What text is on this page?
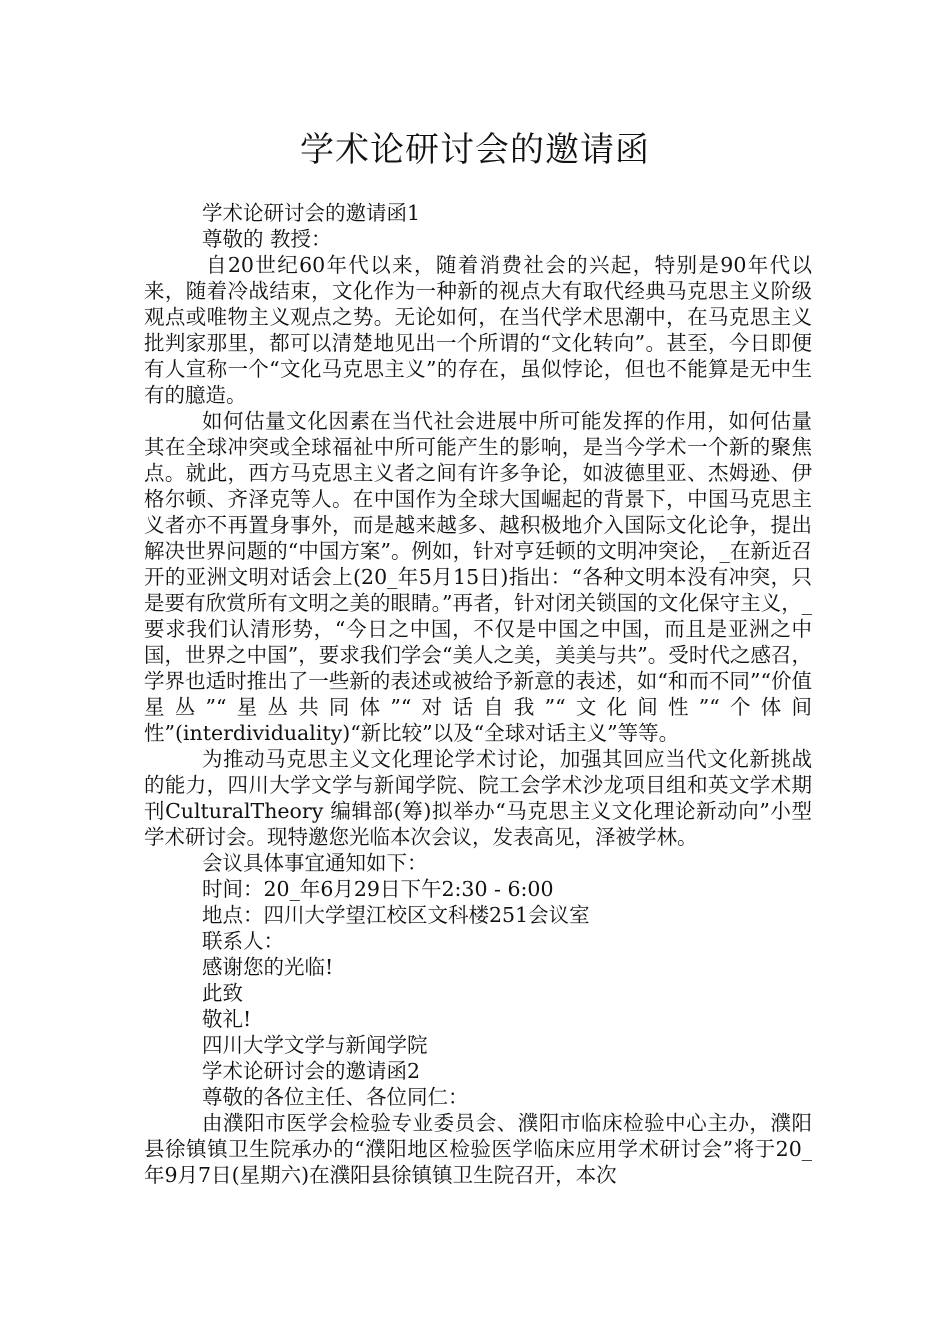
学术论研讨会的邀请函

学术论研讨会的邀请函1

尊敬的 教授：

自20世纪60年代以来，随着消费社会的兴起，特别是90年代以来，随着冷战结束，文化作为一种新的视点大有取代经典马克思主义阶级观点或唯物主义观点之势。无论如何，在当代学术思潮中，在马克思主义批判家那里，都可以清楚地见出一个所谓的“文化转向”。甚至，今日即便有人宣称一个“文化马克思主义”的存在，虽似悖论，但也不能算是无中生有的臆造。

如何估量文化因素在当代社会进展中所可能发挥的作用，如何估量其在全球冲突或全球福祉中所可能产生的影响，是当今学术一个新的聚焦点。就此，西方马克思主义者之间有许多争论，如波德里亚、杰姆逊、伊格尔顿、齐泽克等人。在中国作为全球大国崛起的背景下，中国马克思主义者亦不再置身事外，而是越来越多、越积极地介入国际文化论争，提出解决世界问题的“中国方案”。例如，针对亨廷顿的文明冲突论，_在新近召开的亚洲文明对话会上(20_年5月15日)指出：“各种文明本没有冲突，只是要有欣赏所有文明之美的眼睛。”再者，针对闭关锁国的文化保守主义，_要求我们认清形势，“今日之中国，不仅是中国之中国，而且是亚洲之中国，世界之中国”，要求我们学会“美人之美，美美与共”。受时代之感召，学界也适时推出了一些新的表述或被给予新意的表述，如“和而不同”“价值星丛”“星丛共同体”“对话自我”“文化间性”“个体间性”(interdividuality)“新比较”以及“全球对话主义”等等。

为推动马克思主义文化理论学术讨论，加强其回应当代文化新挑战的能力，四川大学文学与新闻学院、院工会学术沙龙项目组和英文学术期刊CulturalTheory 编辑部(筹)拟举办“马克思主义文化理论新动向”小型学术研讨会。现特邀您光临本次会议，发表高见，泽被学林。

会议具体事宜通知如下：

时间：20_年6月29日下午2:30 - 6:00

地点：四川大学望江校区文科楼251会议室

联系人：

感谢您的光临!

此致

敬礼!

四川大学文学与新闻学院

学术论研讨会的邀请函2

尊敬的各位主任、各位同仁：

由濮阳市医学会检验专业委员会、濮阳市临床检验中心主办，濮阳县徐镇镇卫生院承办的“濮阳地区检验医学临床应用学术研讨会”将于20_年9月7日(星期六)在濮阳县徐镇镇卫生院召开，本次
